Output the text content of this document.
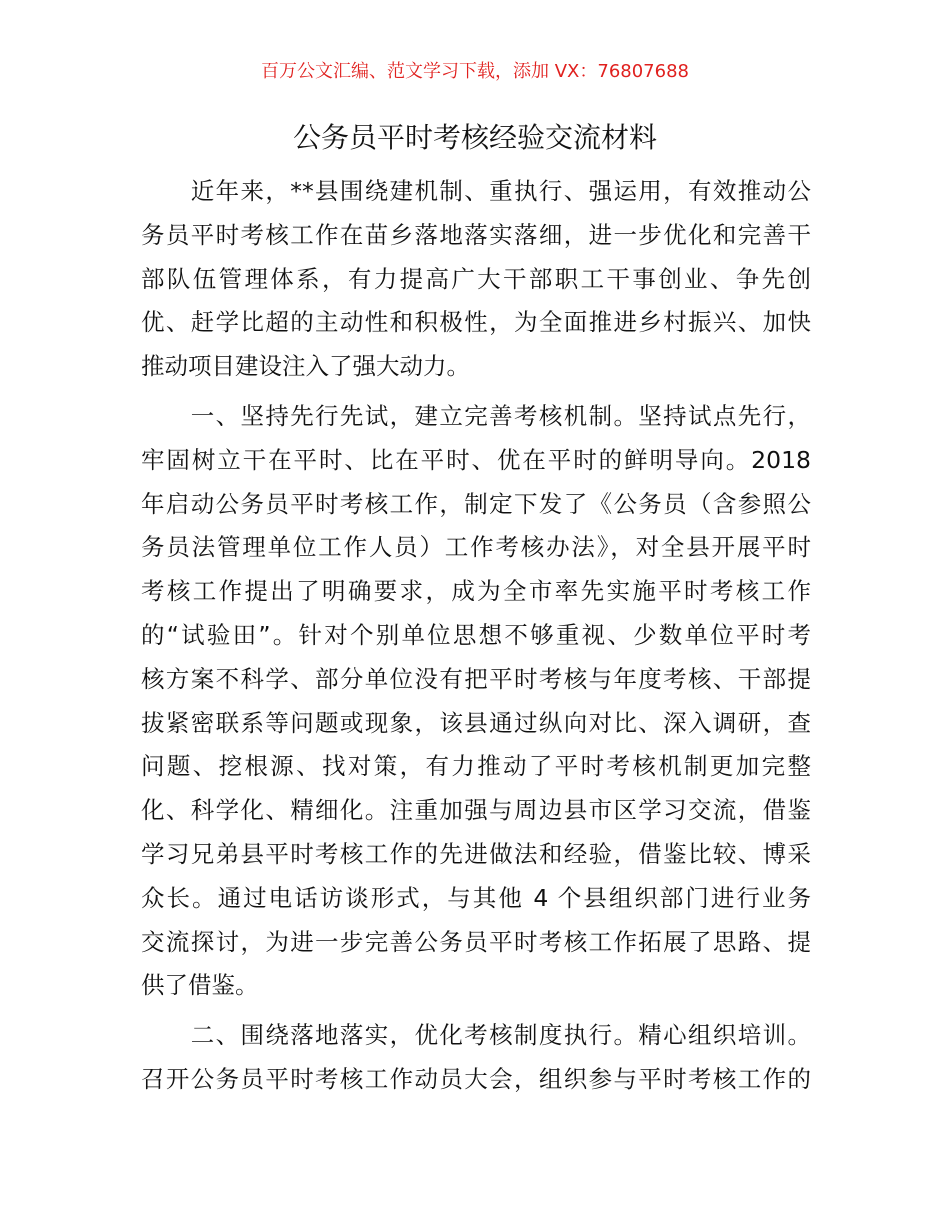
百万公文汇编、范文学习下载，添加 VX：76807688
公务员平时考核经验交流材料
　　近年来，**县围绕建机制、重执行、强运用，有效推动公
务员平时考核工作在苗乡落地落实落细，进一步优化和完善干
部队伍管理体系，有力提高广大干部职工干事创业、争先创
优、赶学比超的主动性和积极性，为全面推进乡村振兴、加快
推动项目建设注入了强大动力。
　　一、坚持先行先试，建立完善考核机制。坚持试点先行，
牢固树立干在平时、比在平时、优在平时的鲜明导向。2018
年启动公务员平时考核工作，制定下发了《公务员（含参照公
务员法管理单位工作人员）工作考核办法》，对全县开展平时
考核工作提出了明确要求，成为全市率先实施平时考核工作
的“试验田”。针对个别单位思想不够重视、少数单位平时考
核方案不科学、部分单位没有把平时考核与年度考核、干部提
拔紧密联系等问题或现象，该县通过纵向对比、深入调研，查
问题、挖根源、找对策，有力推动了平时考核机制更加完整
化、科学化、精细化。注重加强与周边县市区学习交流，借鉴
学习兄弟县平时考核工作的先进做法和经验，借鉴比较、博采
众长。通过电话访谈形式，与其他 4 个县组织部门进行业务
交流探讨，为进一步完善公务员平时考核工作拓展了思路、提
供了借鉴。
　　二、围绕落地落实，优化考核制度执行。精心组织培训。
召开公务员平时考核工作动员大会，组织参与平时考核工作的
